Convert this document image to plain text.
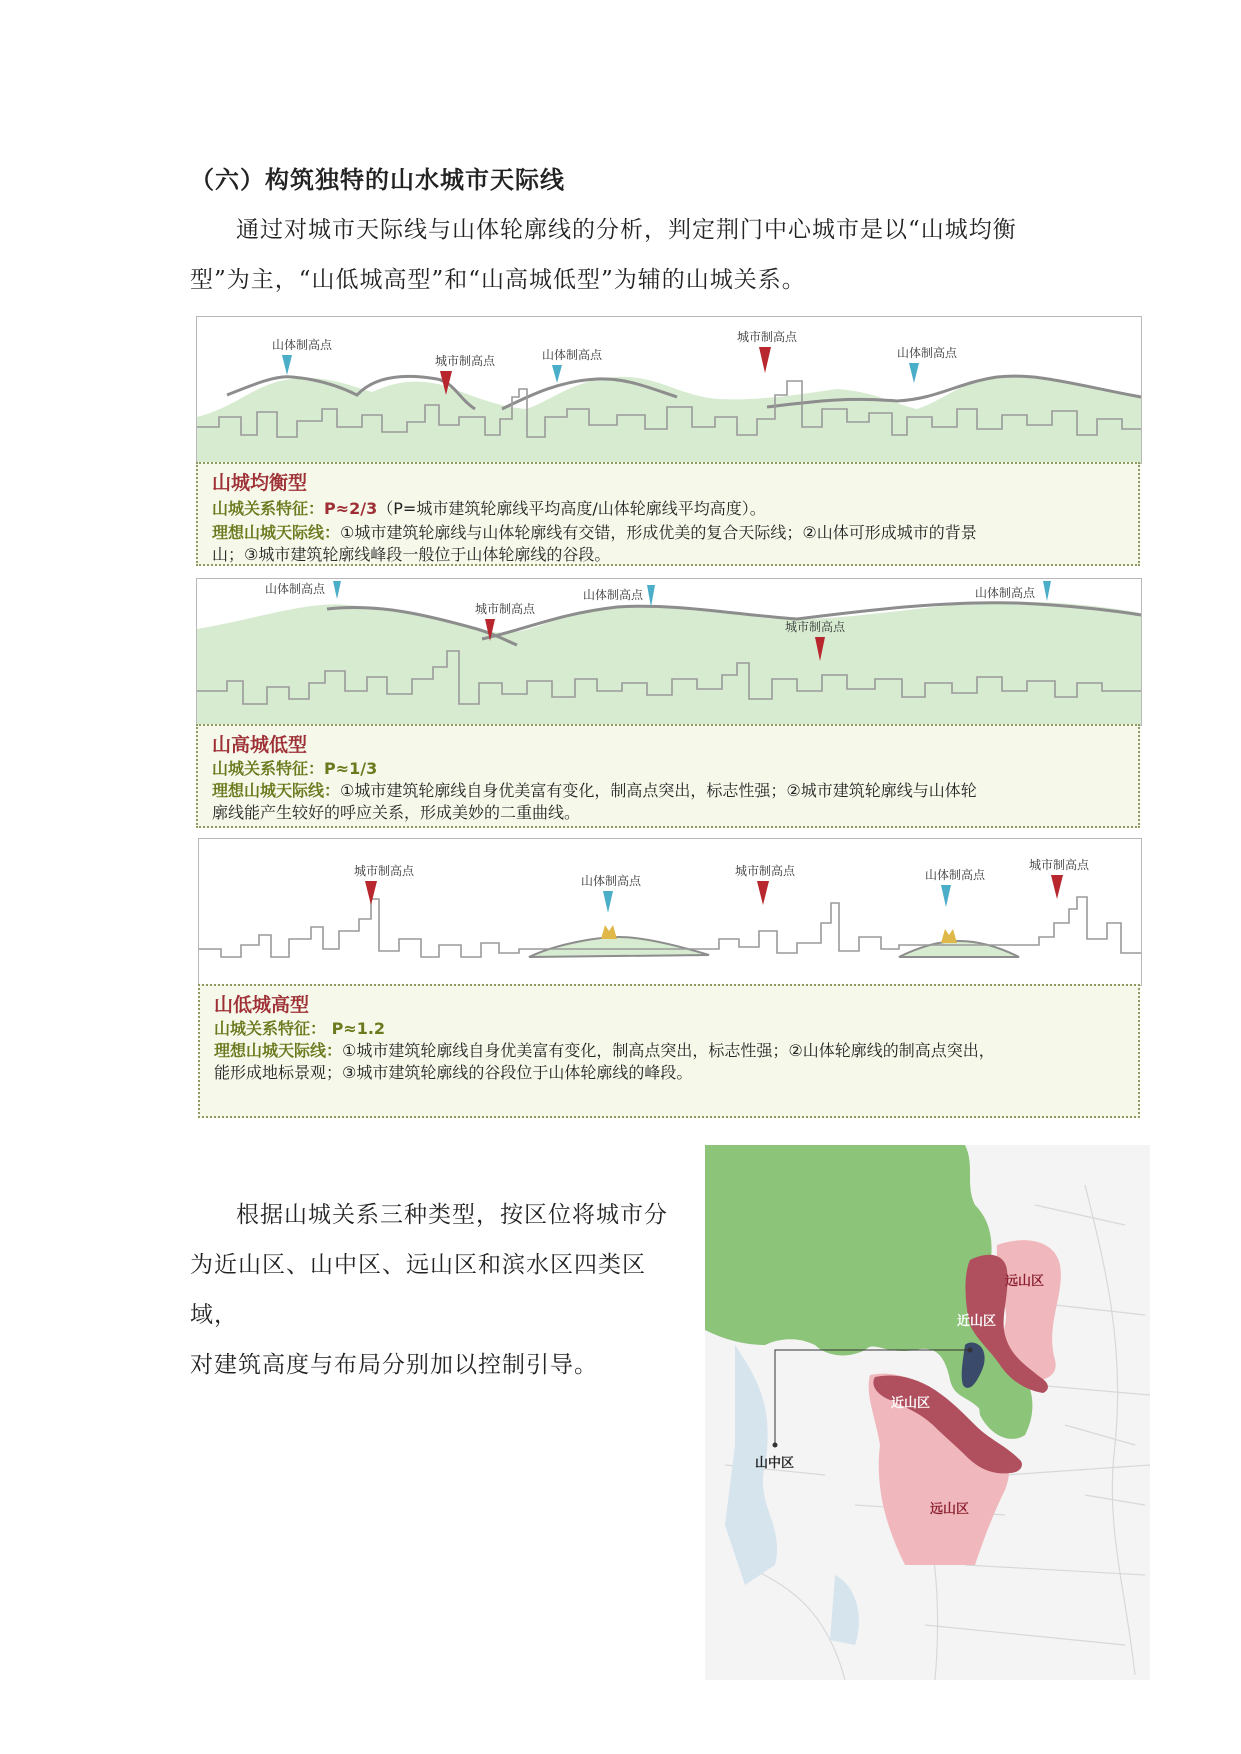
（六）构筑独特的山水城市天际线
通过对城市天际线与山体轮廓线的分析，判定荆门中心城市是以“山城均衡
型”为主，“山低城高型”和“山高城低型”为辅的山城关系。
山体制高点
城市制高点	山体制高点
城市制高点
山体制高点
山城均衡型
山城关系特征：P≈2/3（P=城市建筑轮廓线平均高度/山体轮廓线平均高度）。
理想山城天际线：①城市建筑轮廓线与山体轮廓线有交错，形成优美的复合天际线；②山体可形成城市的背景
山；③城市建筑轮廓线峰段一般位于山体轮廓线的谷段。
山体制高点
城市制高点
山体制高点
城市制高点
山体制高点
山高城低型
山城关系特征：P≈1/3
理想山城天际线：①城市建筑轮廓线自身优美富有变化，制高点突出，标志性强；②城市建筑轮廓线与山体轮
廓线能产生较好的呼应关系，形成美妙的二重曲线。
城市制高点
山体制高点
城市制高点	山体制高点
城市制高点
山低城高型
山城关系特征： P≈1.2
理想山城天际线：①城市建筑轮廓线自身优美富有变化，制高点突出，标志性强；②山体轮廓线的制高点突出，
能形成地标景观；③城市建筑轮廓线的谷段位于山体轮廓线的峰段。
根据山城关系三种类型，按区位将城市分
为近山区、山中区、远山区和滨水区四类区域，
对建筑高度与布局分别加以控制引导。
远山区
近山区
近山区
远山区
山中区
